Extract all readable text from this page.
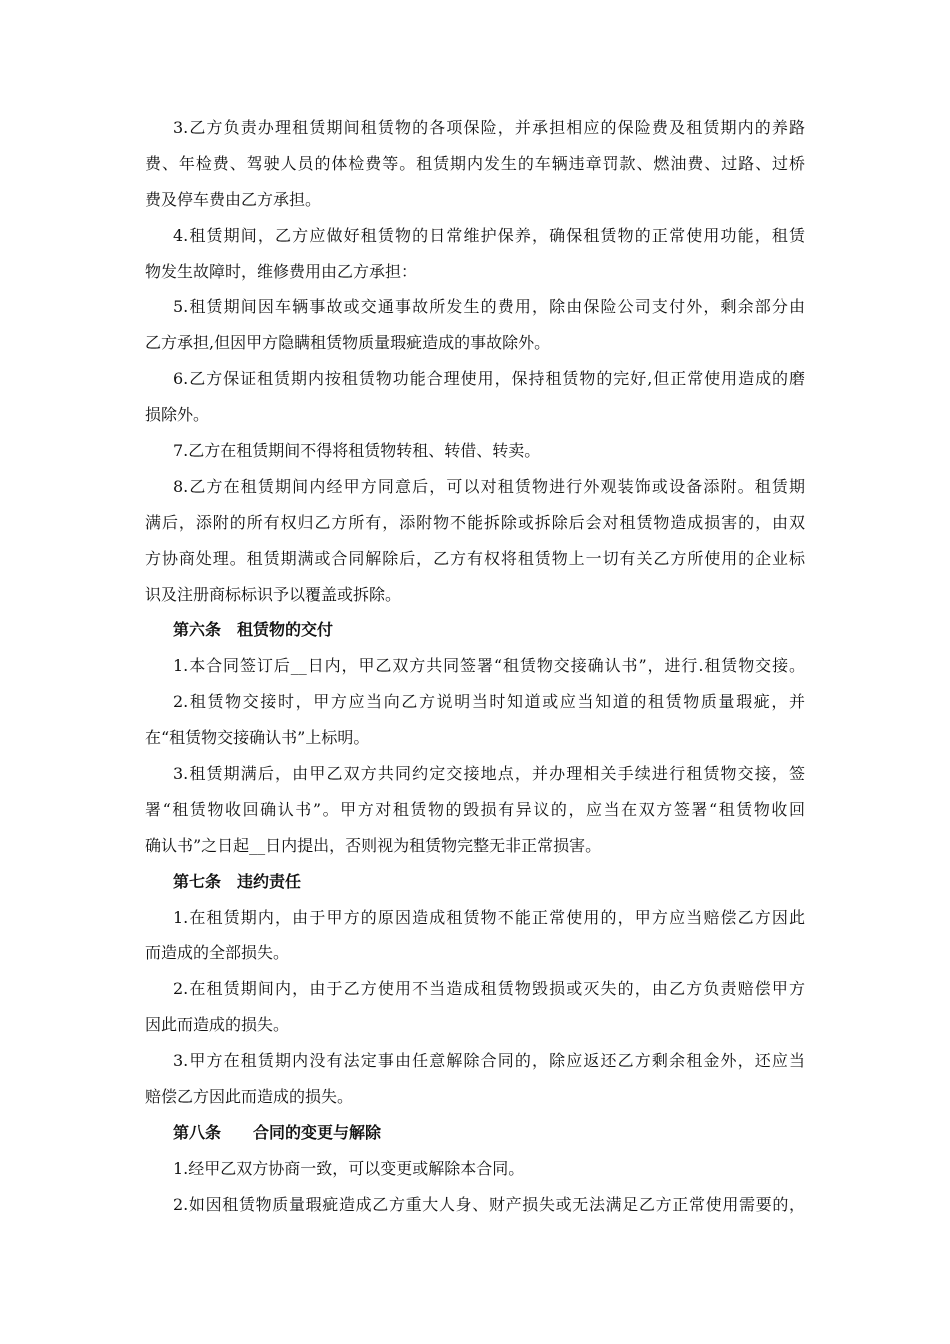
3.乙方负责办理租赁期间租赁物的各项保险，并承担相应的保险费及租赁期内的养路
费、年检费、驾驶人员的体检费等。租赁期内发生的车辆违章罚款、燃油费、过路、过桥
费及停车费由乙方承担。
4.租赁期间，乙方应做好租赁物的日常维护保养，确保租赁物的正常使用功能，租赁
物发生故障时，维修费用由乙方承担：
5.租赁期间因车辆事故或交通事故所发生的费用，除由保险公司支付外，剩余部分由
乙方承担,但因甲方隐瞒租赁物质量瑕疵造成的事故除外。
6.乙方保证租赁期内按租赁物功能合理使用，保持租赁物的完好,但正常使用造成的磨
损除外。
7.乙方在租赁期间不得将租赁物转租、转借、转卖。
8.乙方在租赁期间内经甲方同意后，可以对租赁物进行外观装饰或设备添附。租赁期
满后，添附的所有权归乙方所有，添附物不能拆除或拆除后会对租赁物造成损害的，由双
方协商处理。租赁期满或合同解除后，乙方有权将租赁物上一切有关乙方所使用的企业标
识及注册商标标识予以覆盖或拆除。
第六条　租赁物的交付
1.本合同签订后__日内，甲乙双方共同签署“租赁物交接确认书”，进行.租赁物交接。
2.租赁物交接时，甲方应当向乙方说明当时知道或应当知道的租赁物质量瑕疵，并
在“租赁物交接确认书”上标明。
3.租赁期满后，由甲乙双方共同约定交接地点，并办理相关手续进行租赁物交接，签
署“租赁物收回确认书”。甲方对租赁物的毁损有异议的，应当在双方签署“租赁物收回
确认书”之日起__日内提出，否则视为租赁物完整无非正常损害。
第七条　违约责任
1.在租赁期内，由于甲方的原因造成租赁物不能正常使用的，甲方应当赔偿乙方因此
而造成的全部损失。
2.在租赁期间内，由于乙方使用不当造成租赁物毁损或灭失的，由乙方负责赔偿甲方
因此而造成的损失。
3.甲方在租赁期内没有法定事由任意解除合同的，除应返还乙方剩余租金外，还应当
赔偿乙方因此而造成的损失。
第八条　　合同的变更与解除
1.经甲乙双方协商一致，可以变更或解除本合同。
2.如因租赁物质量瑕疵造成乙方重大人身、财产损失或无法满足乙方正常使用需要的，
